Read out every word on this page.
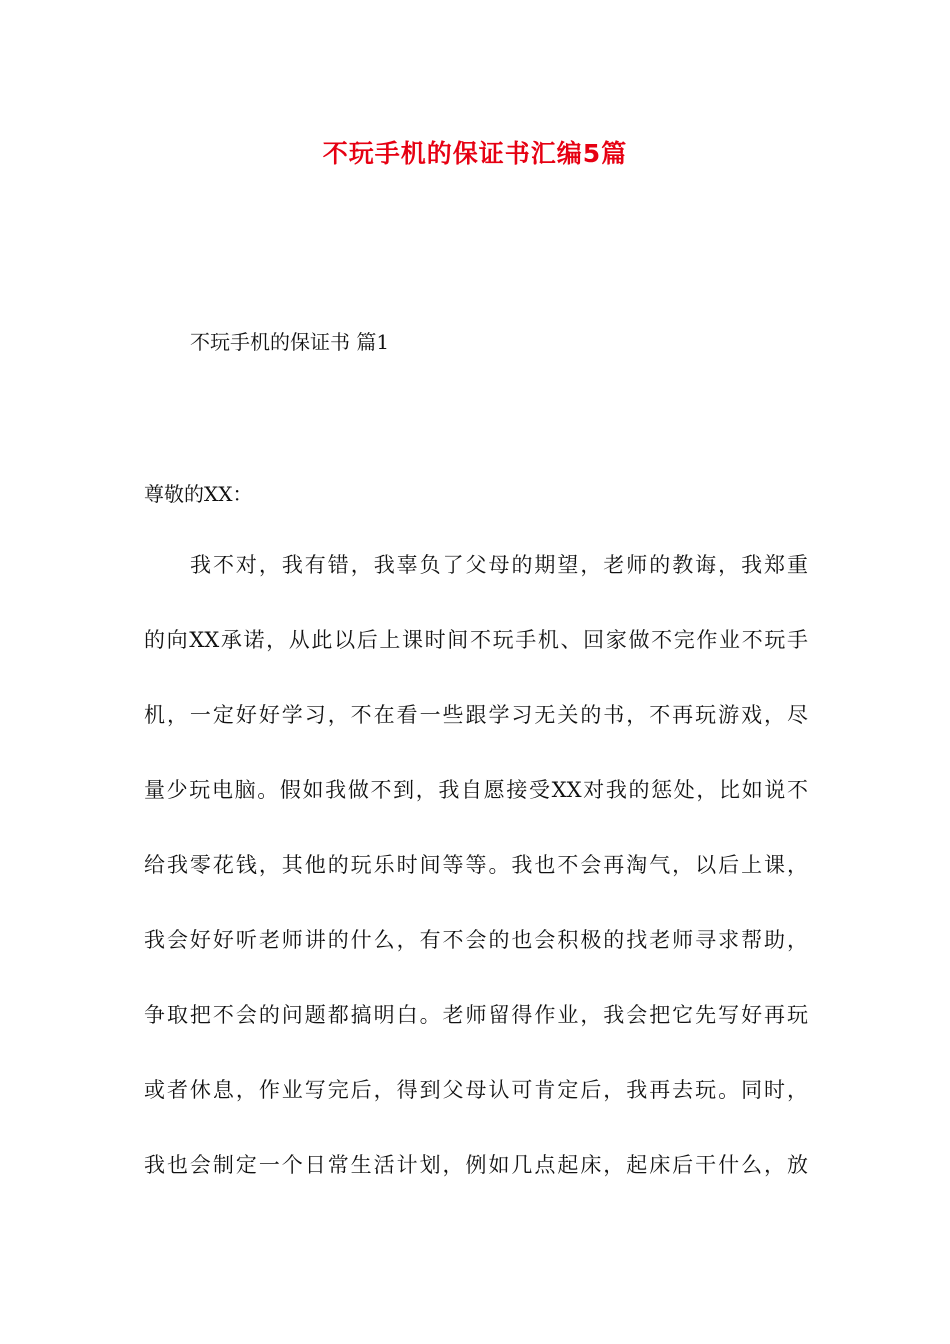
不玩手机的保证书汇编5篇

不玩手机的保证书 篇1

尊敬的XX：

我不对，我有错，我辜负了父母的期望，老师的教诲，我郑重
的向XX承诺，从此以后上课时间不玩手机、回家做不完作业不玩手
机，一定好好学习，不在看一些跟学习无关的书，不再玩游戏，尽
量少玩电脑。假如我做不到，我自愿接受XX对我的惩处，比如说不
给我零花钱，其他的玩乐时间等等。我也不会再淘气，以后上课，
我会好好听老师讲的什么，有不会的也会积极的找老师寻求帮助，
争取把不会的问题都搞明白。老师留得作业，我会把它先写好再玩
或者休息，作业写完后，得到父母认可肯定后，我再去玩。同时，
我也会制定一个日常生活计划，例如几点起床，起床后干什么，放
